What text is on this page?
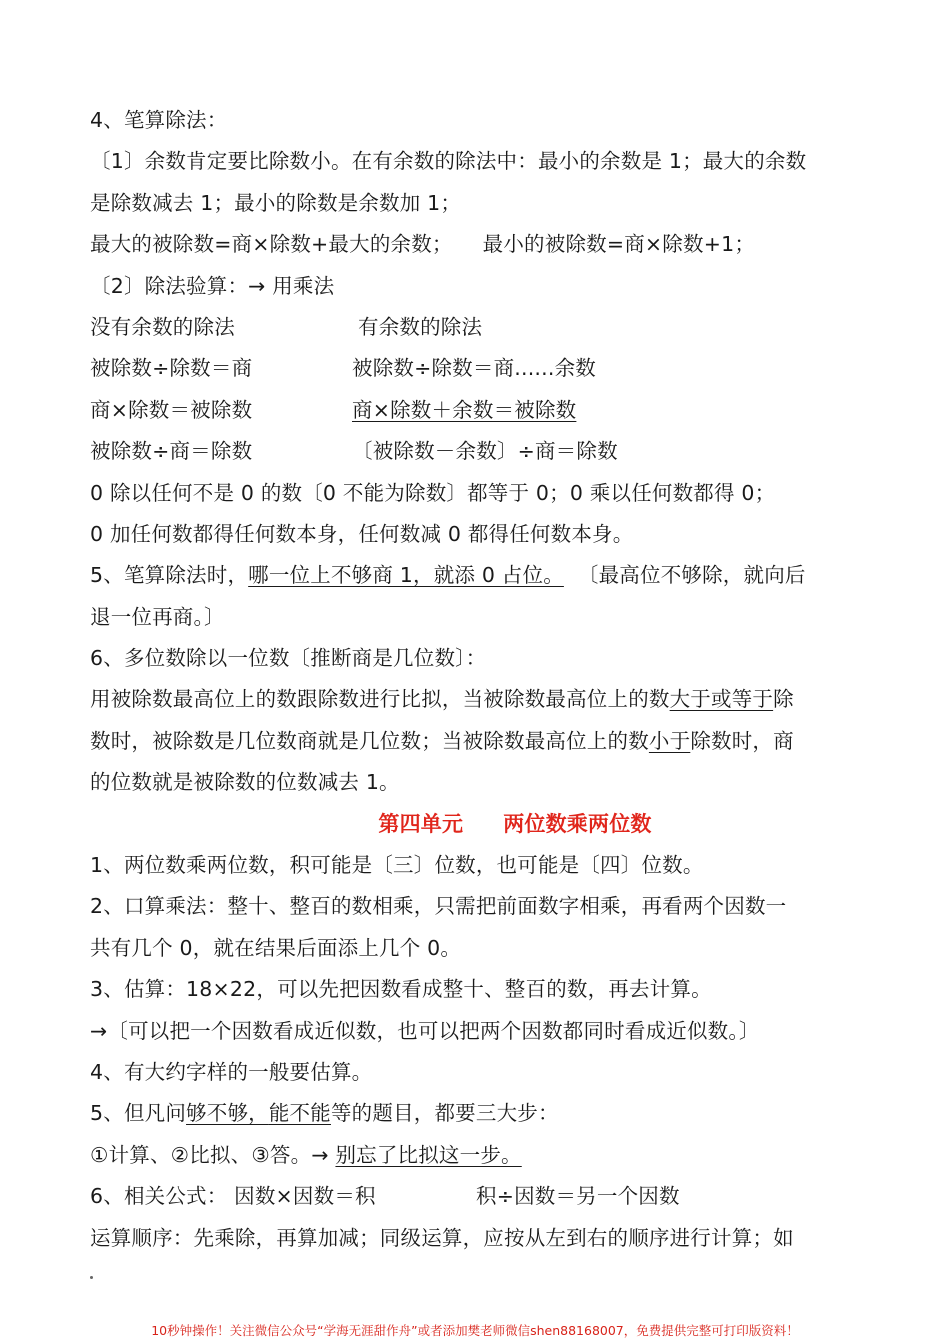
4、笔算除法：
〔1〕余数肯定要比除数小。在有余数的除法中：最小的余数是 1；最大的余数
是除数减去 1；最小的除数是余数加 1；
最大的被除数=商×除数+最大的余数； 最小的被除数=商×除数+1；
〔2〕除法验算：→ 用乘法
没有余数的除法	有余数的除法
被除数÷除数＝商	被除数÷除数＝商......余数
商×除数＝被除数	商×除数＋余数＝被除数
被除数÷商＝除数	〔被除数－余数〕÷商＝除数
0 除以任何不是 0 的数〔0 不能为除数〕都等于 0；0 乘以任何数都得 0；
0 加任何数都得任何数本身，任何数减 0 都得任何数本身。
5、笔算除法时，哪一位上不够商 1，就添 0 占位。 〔最高位不够除，就向后
退一位再商。〕
6、多位数除以一位数〔推断商是几位数〕：
用被除数最高位上的数跟除数进行比拟，当被除数最高位上的数大于或等于除
数时，被除数是几位数商就是几位数；当被除数最高位上的数小于除数时，商
的位数就是被除数的位数减去 1。
第四单元 两位数乘两位数
1、两位数乘两位数，积可能是〔三〕位数，也可能是〔四〕位数。
2、口算乘法：整十、整百的数相乘，只需把前面数字相乘，再看两个因数一
共有几个 0，就在结果后面添上几个 0。
3、估算：18×22，可以先把因数看成整十、整百的数，再去计算。
→〔可以把一个因数看成近似数，也可以把两个因数都同时看成近似数。〕
4、有大约字样的一般要估算。
5、但凡问够不够，能不能等的题目，都要三大步：
①计算、②比拟、③答。→ 别忘了比拟这一步。
6、相关公式： 因数×因数＝积	积÷因数＝另一个因数
运算顺序：先乘除，再算加减；同级运算，应按从左到右的顺序进行计算；如
10秒钟操作！关注微信公众号“学海无涯甜作舟”或者添加樊老师微信shen88168007，免费提供完整可打印版资料！
